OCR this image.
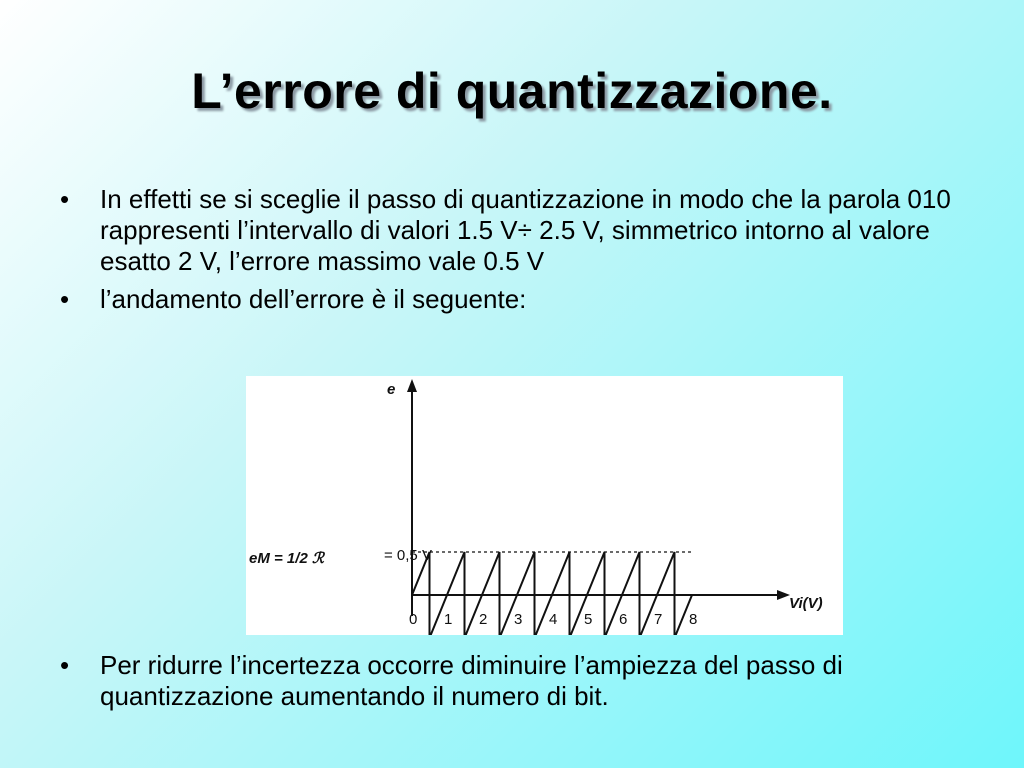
L’errore di quantizzazione.
• In effetti se si sceglie il passo di quantizzazione in modo che la parola 010 rappresenti l’intervallo di valori 1.5 V÷ 2.5 V, simmetrico intorno al valore esatto 2 V, l’errore massimo vale 0.5 V
• l’andamento dell’errore è il seguente:
e
Vi(V)
eM = 1/2 ℛ	= 0,5 V
0 1 2 3 4 5 6 7 8
• Per ridurre l’incertezza occorre diminuire l’ampiezza del passo di quantizzazione aumentando il numero di bit.
